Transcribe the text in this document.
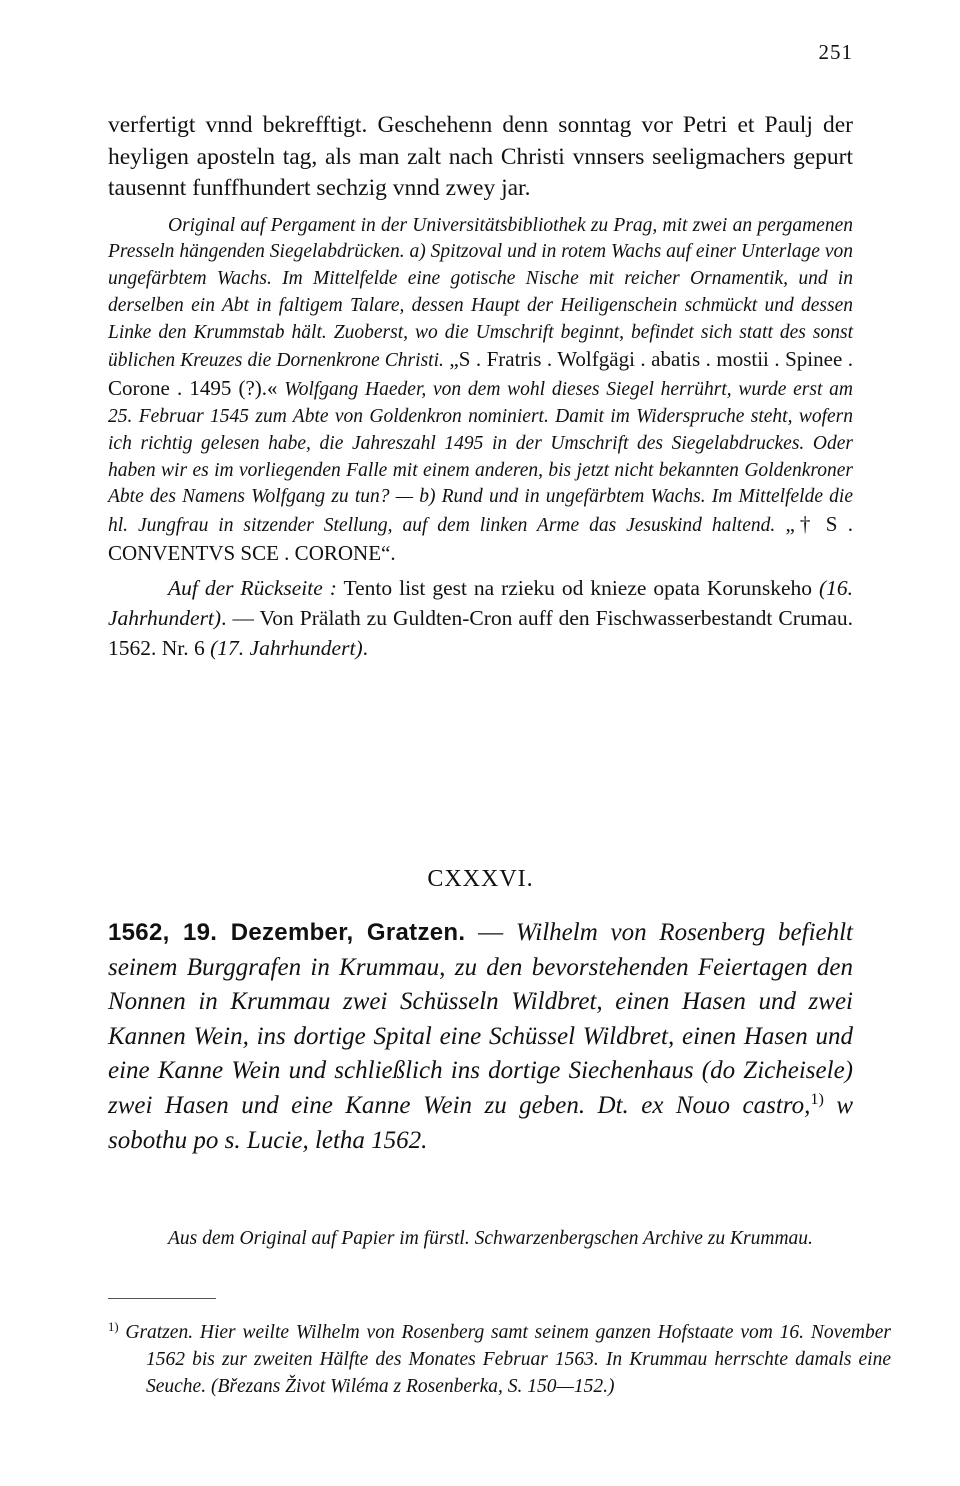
251
verfertigt vnnd bekrefftigt. Geschehenn denn sonntag vor Petri et Paulj der heyligen aposteln tag, als man zalt nach Christi vnnsers seeligmachers gepurt tausennt funffhundert sechzig vnnd zwey jar.
Original auf Pergament in der Universitätsbibliothek zu Prag, mit zwei an pergamenen Presseln hängenden Siegelabdrücken. a) Spitzoval und in rotem Wachs auf einer Unterlage von ungefärbtem Wachs. Im Mittelfelde eine gotische Nische mit reicher Ornamentik, und in derselben ein Abt in faltigem Talare, dessen Haupt der Heiligenschein schmückt und dessen Linke den Krummstab hält. Zuoberst, wo die Umschrift beginnt, befindet sich statt des sonst üblichen Kreuzes die Dornenkrone Christi. „S . Fratris . Wolfgägi . abatis . mostii . Spinee . Corone . 1495 (?).« Wolfgang Haeder, von dem wohl dieses Siegel herrührt, wurde erst am 25. Februar 1545 zum Abte von Goldenkron nominiert. Damit im Widerspruche steht, wofern ich richtig gelesen habe, die Jahreszahl 1495 in der Umschrift des Siegelabdruckes. Oder haben wir es im vorliegenden Falle mit einem anderen, bis jetzt nicht bekannten Goldenkroner Abte des Namens Wolfgang zu tun? — b) Rund und in ungefärbtem Wachs. Im Mittelfelde die hl. Jungfrau in sitzender Stellung, auf dem linken Arme das Jesuskind haltend. „† S . CONVENTVS SCE . CORONE“.
Auf der Rückseite : Tento list gest na rzieku od knieze opata Korunskeho (16. Jahrhundert). — Von Prälath zu Guldten-Cron auff den Fischwasserbestandt Crumau. 1562. Nr. 6 (17. Jahrhundert).
CXXXVI.
1562, 19. Dezember, Gratzen. — Wilhelm von Rosenberg befiehlt seinem Burggrafen in Krummau, zu den bevorstehenden Feiertagen den Nonnen in Krummau zwei Schüsseln Wildbret, einen Hasen und zwei Kannen Wein, ins dortige Spital eine Schüssel Wildbret, einen Hasen und eine Kanne Wein und schließlich ins dortige Siechenhaus (do Zicheisele) zwei Hasen und eine Kanne Wein zu geben. Dt. ex Nouo castro,$^{1)}$ w sobothu po s. Lucie, letha 1562.
Aus dem Original auf Papier im fürstl. Schwarzenbergschen Archive zu Krummau.
$^{1)}$ Gratzen. Hier weilte Wilhelm von Rosenberg samt seinem ganzen Hofstaate vom 16. November 1562 bis zur zweiten Hälfte des Monates Februar 1563. In Krummau herrschte damals eine Seuche. (Březans Život Wiléma z Rosenberka, S. 150—152.)
